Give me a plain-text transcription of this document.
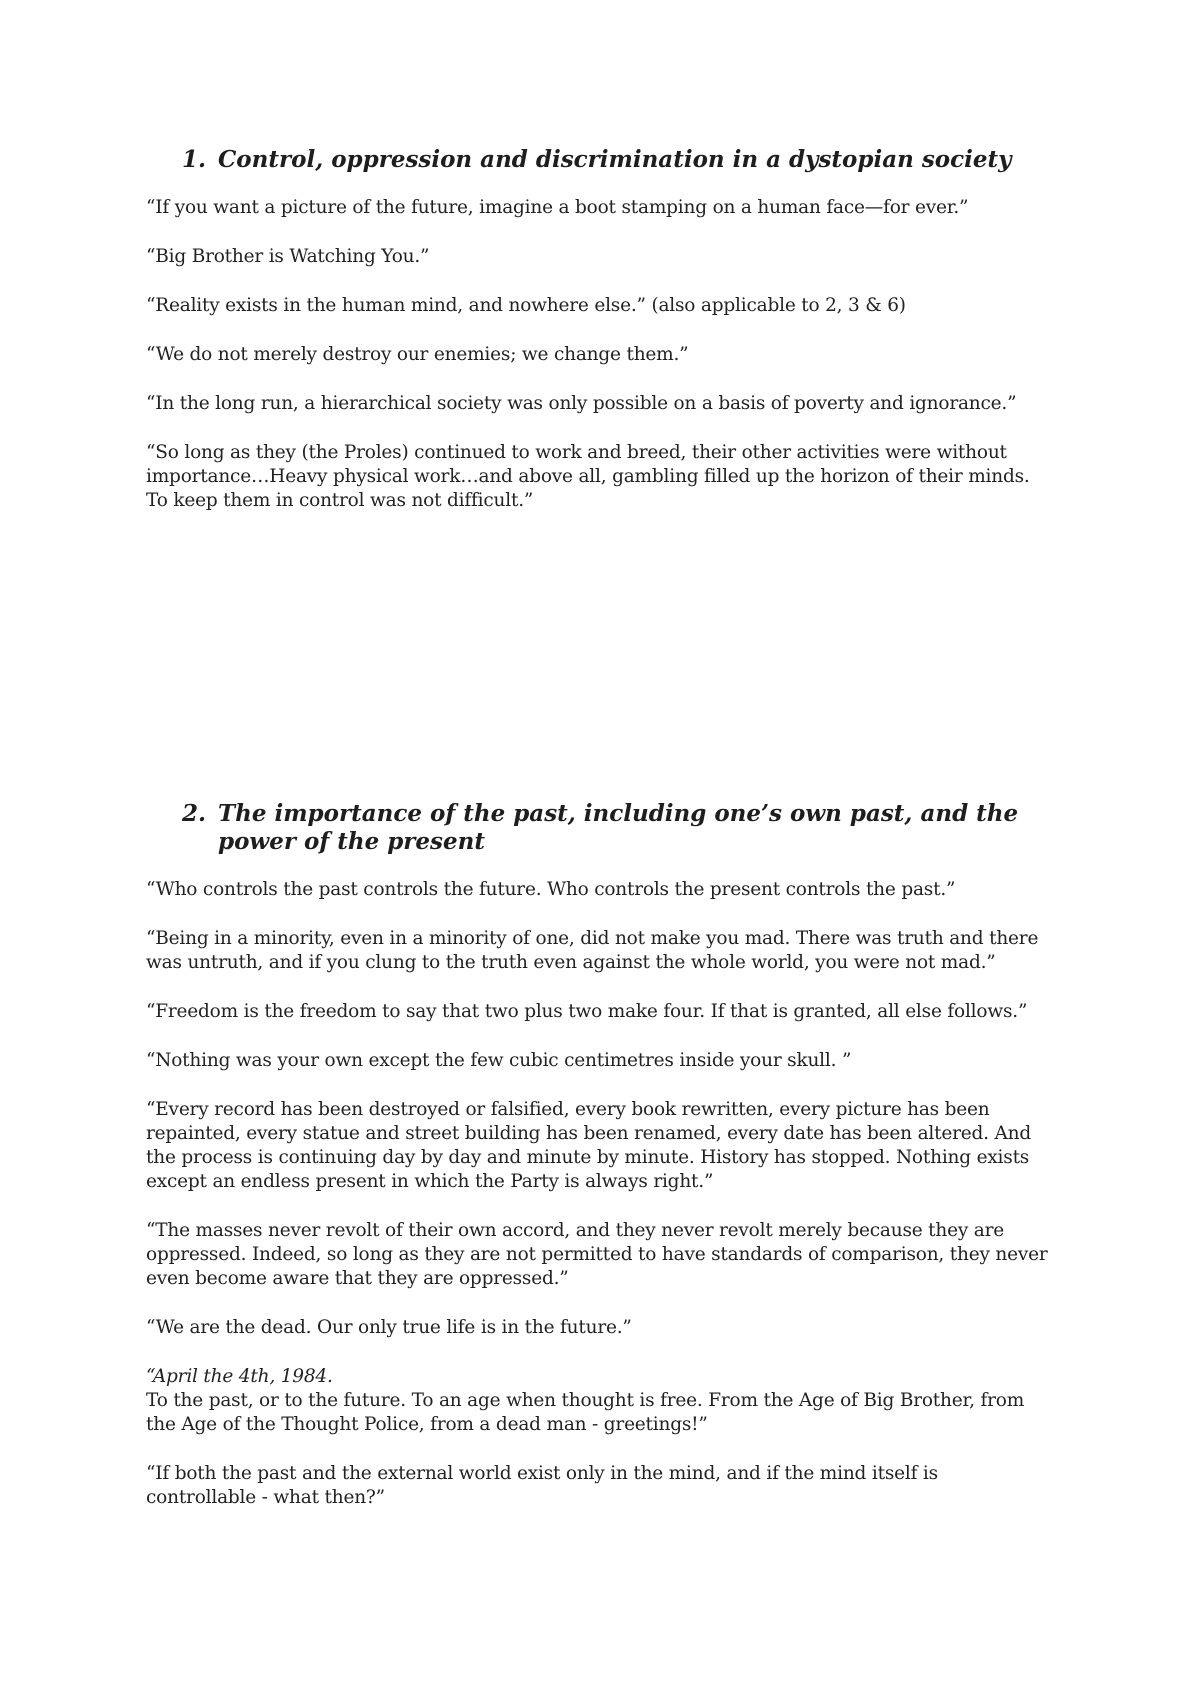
1. Control, oppression and discrimination in a dystopian society

“If you want a picture of the future, imagine a boot stamping on a human face—for ever.”

“Big Brother is Watching You.”

“Reality exists in the human mind, and nowhere else.” (also applicable to 2, 3 & 6)

“We do not merely destroy our enemies; we change them.”

“In the long run, a hierarchical society was only possible on a basis of poverty and ignorance.”

“So long as they (the Proles) continued to work and breed, their other activities were without
importance…Heavy physical work…and above all, gambling filled up the horizon of their minds.
To keep them in control was not difficult.”

2. The importance of the past, including one’s own past, and the power of the present

“Who controls the past controls the future. Who controls the present controls the past.”

“Being in a minority, even in a minority of one, did not make you mad. There was truth and there
was untruth, and if you clung to the truth even against the whole world, you were not mad.”

“Freedom is the freedom to say that two plus two make four. If that is granted, all else follows.”

“Nothing was your own except the few cubic centimetres inside your skull. ”

“Every record has been destroyed or falsified, every book rewritten, every picture has been
repainted, every statue and street building has been renamed, every date has been altered. And
the process is continuing day by day and minute by minute. History has stopped. Nothing exists
except an endless present in which the Party is always right.”

“The masses never revolt of their own accord, and they never revolt merely because they are
oppressed. Indeed, so long as they are not permitted to have standards of comparison, they never
even become aware that they are oppressed.”

“We are the dead. Our only true life is in the future.”

“April the 4th, 1984.
To the past, or to the future. To an age when thought is free. From the Age of Big Brother, from
the Age of the Thought Police, from a dead man - greetings!”

“If both the past and the external world exist only in the mind, and if the mind itself is
controllable - what then?”
